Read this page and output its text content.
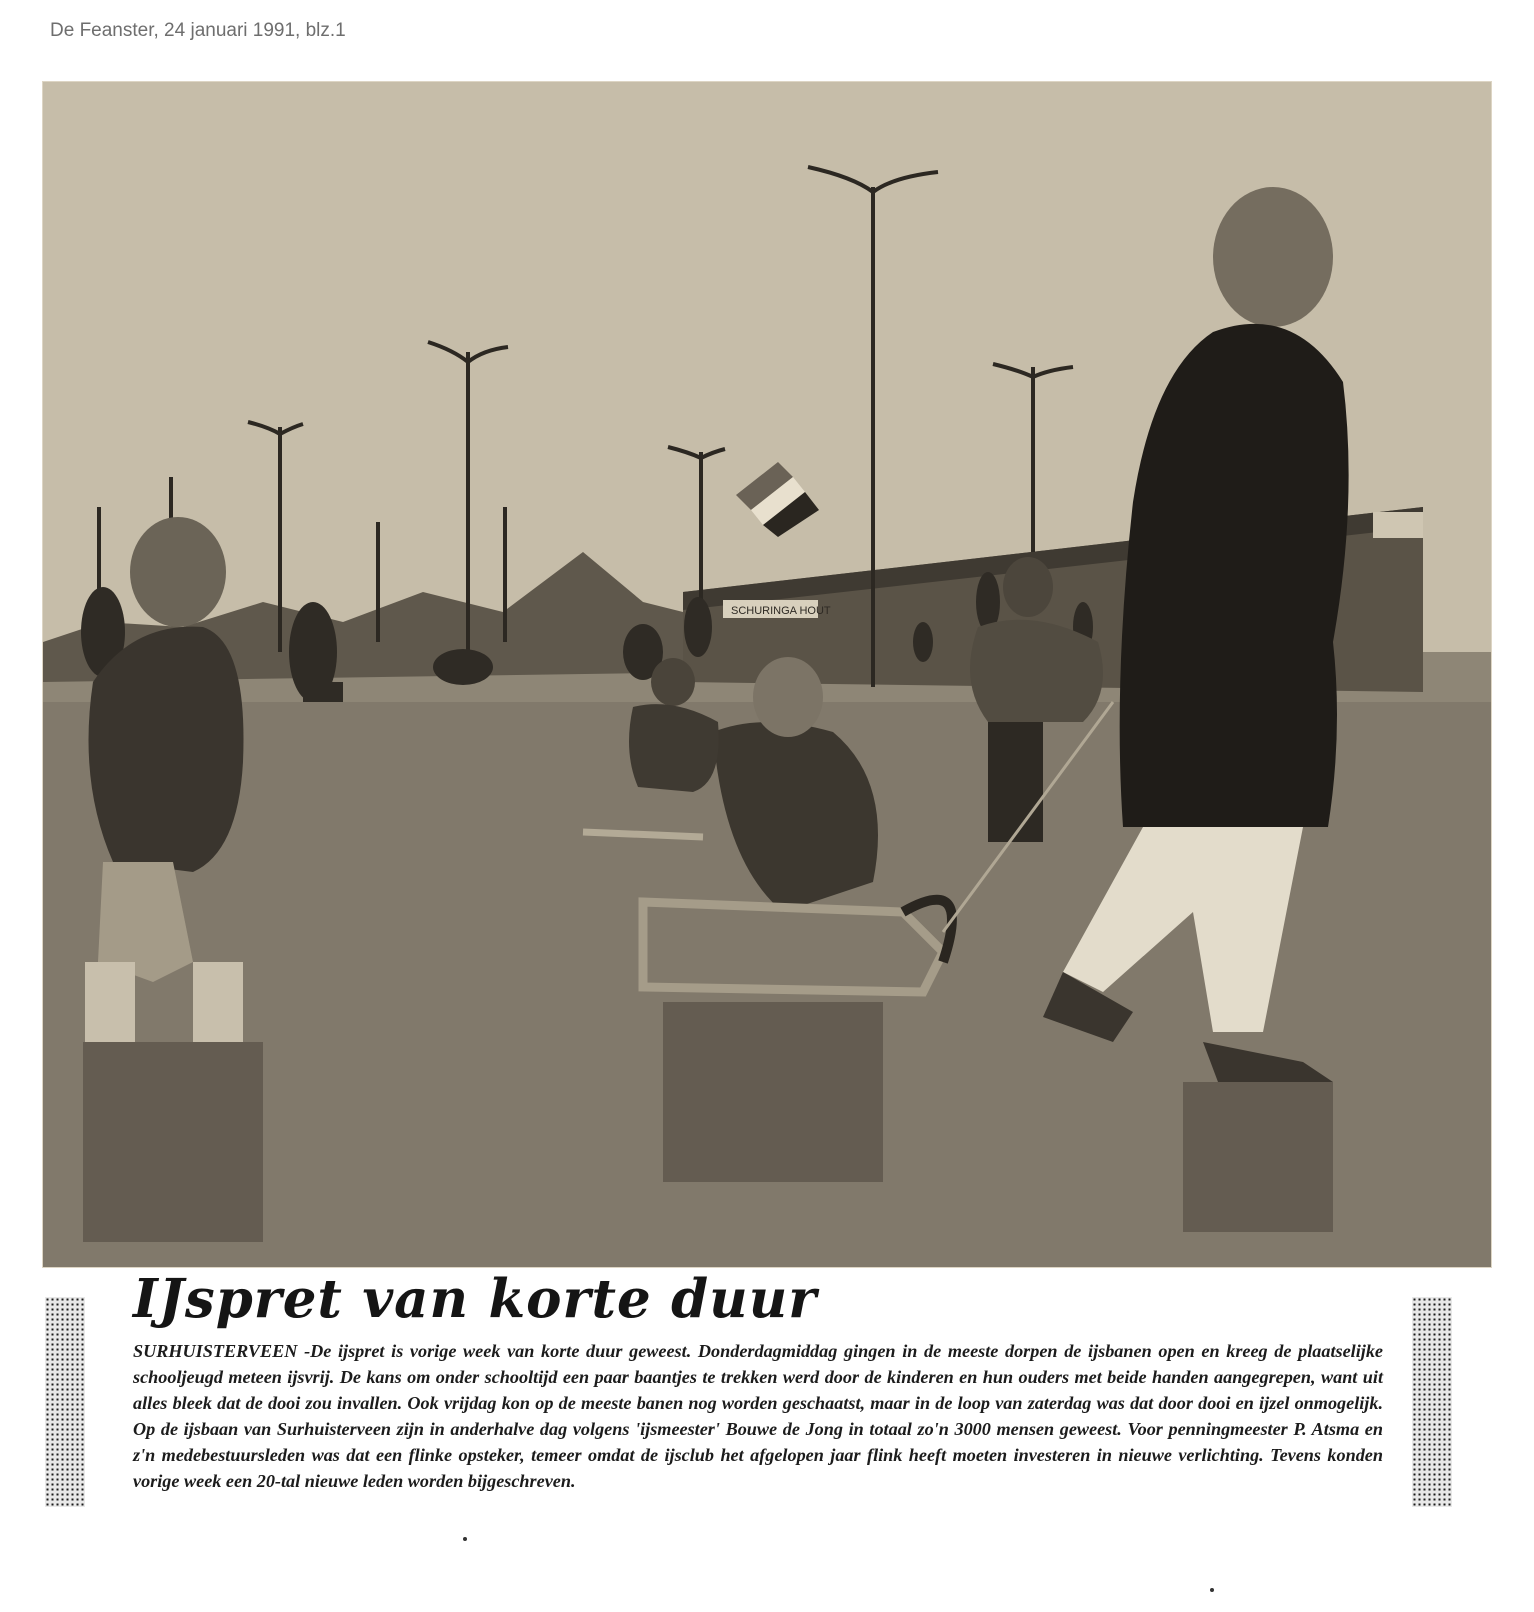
De Feanster, 24 januari 1991, blz.1
SCHURINGA HOUT
IJspret van korte duur

SURHUISTERVEEN -De ijspret is vorige week van korte duur geweest. Donderdagmiddag gingen in de meeste dorpen de ijsbanen open en kreeg de plaatselijke schooljeugd meteen ijsvrij. De kans om onder schooltijd een paar baantjes te trekken werd door de kinderen en hun ouders met beide handen aangegrepen, want uit alles bleek dat de dooi zou invallen. Ook vrijdag kon op de meeste banen nog worden geschaatst, maar in de loop van zaterdag was dat door dooi en ijzel onmogelijk. Op de ijsbaan van Surhuisterveen zijn in anderhalve dag volgens 'ijsmeester' Bouwe de Jong in totaal zo'n 3000 mensen geweest. Voor penningmeester P. Atsma en z'n medebestuursleden was dat een flinke opsteker, temeer omdat de ijsclub het afgelopen jaar flink heeft moeten investeren in nieuwe verlichting. Tevens konden vorige week een 20-tal nieuwe leden worden bijgeschreven.
